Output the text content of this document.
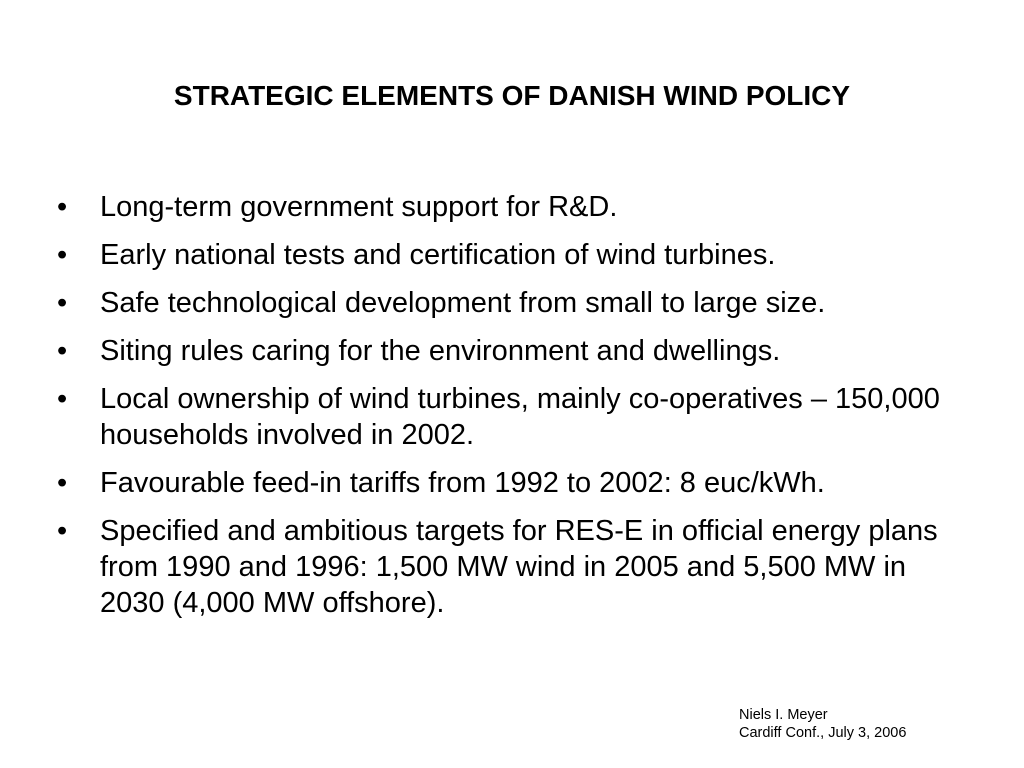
STRATEGIC ELEMENTS OF DANISH WIND POLICY
•	Long-term government support for R&D.
•	Early national tests and certification of wind turbines.
•	Safe technological development from small to large size.
•	Siting rules caring for the environment and dwellings.
•	Local ownership of wind turbines, mainly co-operatives – 150,000 households involved in 2002.
•	Favourable feed-in tariffs from 1992 to 2002: 8 euc/kWh.
•	Specified and ambitious targets for RES-E in official energy plans from 1990 and 1996: 1,500 MW wind in 2005 and 5,500 MW in 2030 (4,000 MW offshore).
Niels I. Meyer
Cardiff Conf., July 3, 2006
